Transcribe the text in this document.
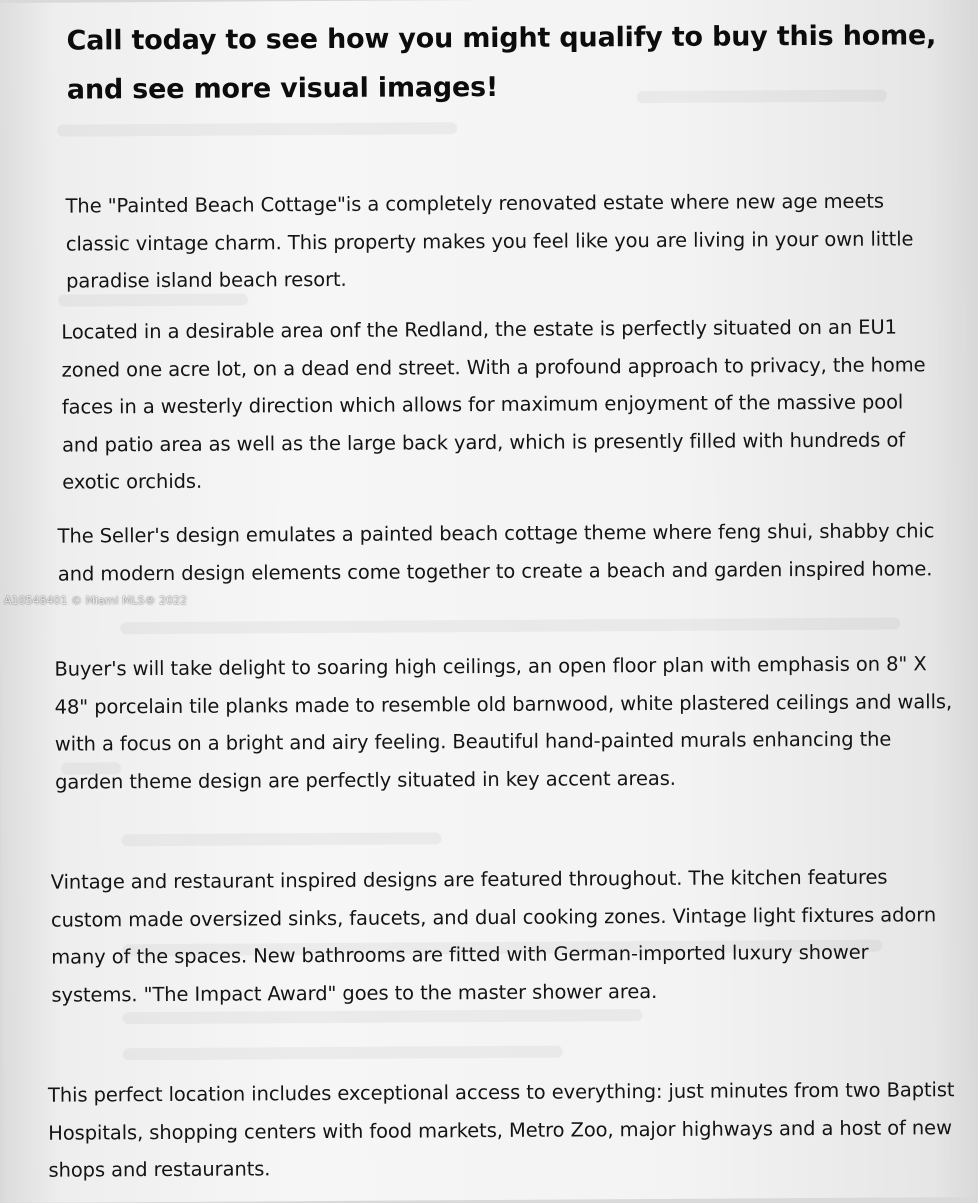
Call today to see how you might qualify to buy this home, and see more visual images!

The "Painted Beach Cottage"is a completely renovated estate where new age meets classic vintage charm. This property makes you feel like you are living in your own little paradise island beach resort.

Located in a desirable area onf the Redland, the estate is perfectly situated on an EU1 zoned one acre lot, on a dead end street. With a profound approach to privacy, the home faces in a westerly direction which allows for maximum enjoyment of the massive pool and patio area as well as the large back yard, which is presently filled with hundreds of exotic orchids.

The Seller's design emulates a painted beach cottage theme where feng shui, shabby chic and modern design elements come together to create a beach and garden inspired home.

Buyer's will take delight to soaring high ceilings, an open floor plan with emphasis on 8" X 48" porcelain tile planks made to resemble old barnwood, white plastered ceilings and walls, with a focus on a bright and airy feeling. Beautiful hand-painted murals enhancing the garden theme design are perfectly situated in key accent areas.

Vintage and restaurant inspired designs are featured throughout. The kitchen features custom made oversized sinks, faucets, and dual cooking zones. Vintage light fixtures adorn many of the spaces. New bathrooms are fitted with German-imported luxury shower systems. "The Impact Award" goes to the master shower area.

This perfect location includes exceptional access to everything: just minutes from two Baptist Hospitals, shopping centers with food markets, Metro Zoo, major highways and a host of new shops and restaurants.

A10548401 © Miami MLS® 2022
